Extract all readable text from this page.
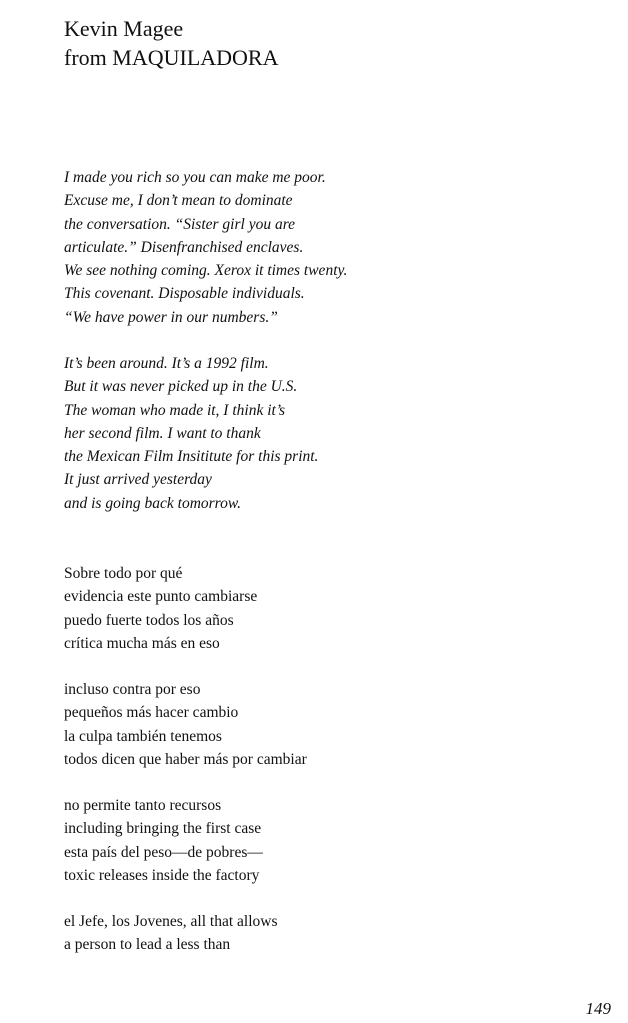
Kevin Magee
from MAQUILADORA
I made you rich so you can make me poor.
Excuse me, I don’t mean to dominate
the conversation. “Sister girl you are
articulate.” Disenfranchised enclaves.
We see nothing coming. Xerox it times twenty.
This covenant. Disposable individuals.
“We have power in our numbers.”
It’s been around. It’s a 1992 film.
But it was never picked up in the U.S.
The woman who made it, I think it’s
her second film. I want to thank
the Mexican Film Insititute for this print.
It just arrived yesterday
and is going back tomorrow.
Sobre todo por qué
evidencia este punto cambiarse
puedo fuerte todos los años
crítica mucha más en eso
incluso contra por eso
pequeños más hacer cambio
la culpa también tenemos
todos dicen que haber más por cambiar
no permite tanto recursos
including bringing the first case
esta país del peso—de pobres—
toxic releases inside the factory
el Jefe, los Jovenes, all that allows
a person to lead a less than
149
